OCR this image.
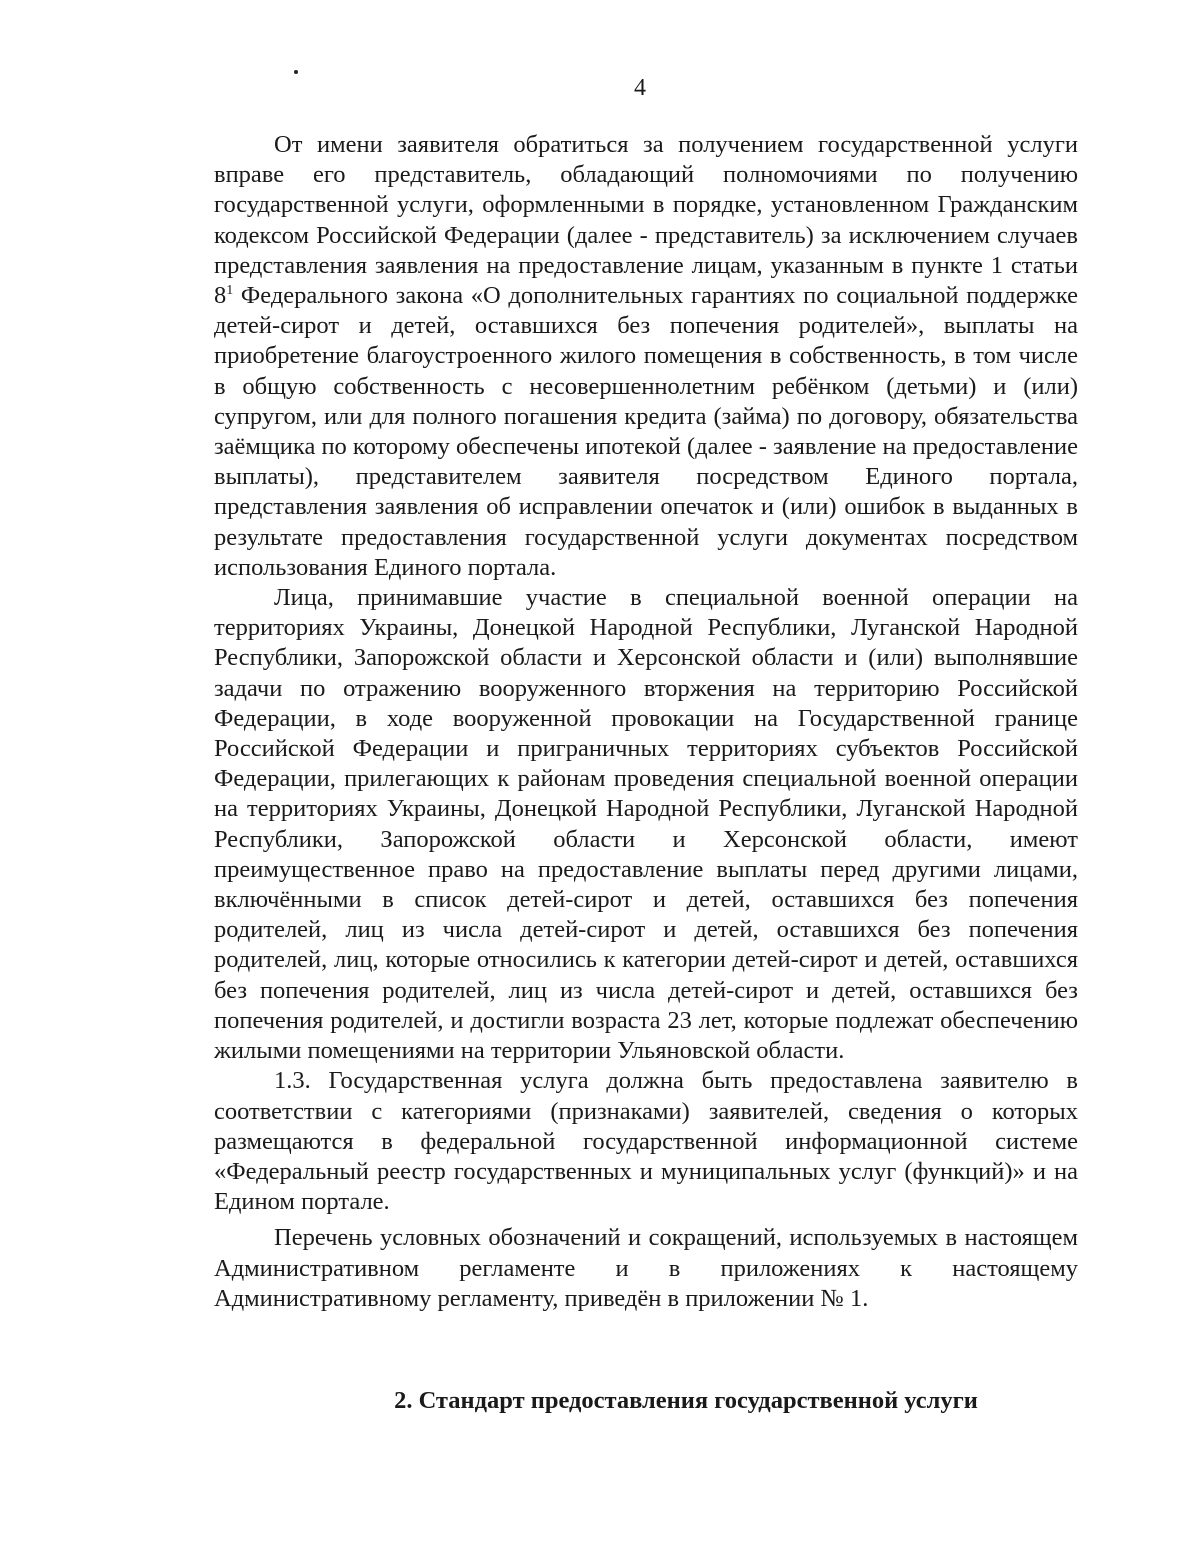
4

От имени заявителя обратиться за получением государственной услуги вправе его представитель, обладающий полномочиями по получению государственной услуги, оформленными в порядке, установленном Гражданским кодексом Российской Федерации (далее - представитель) за исключением случаев представления заявления на предоставление лицам, указанным в пункте 1 статьи $8^1$ Федерального закона «О дополнительных гарантиях по социальной поддержке детей-сирот и детей, оставшихся без попечения родителей», выплаты на приобретение благоустроенного жилого помещения в собственность, в том числе в общую собственность с несовершеннолетним ребёнком (детьми) и (или) супругом, или для полного погашения кредита (займа) по договору, обязательства заёмщика по которому обеспечены ипотекой (далее - заявление на предоставление выплаты), представителем заявителя посредством Единого портала, представления заявления об исправлении опечаток и (или) ошибок в выданных в результате предоставления государственной услуги документах посредством использования Единого портала.

Лица, принимавшие участие в специальной военной операции на территориях Украины, Донецкой Народной Республики, Луганской Народной Республики, Запорожской области и Херсонской области и (или) выполнявшие задачи по отражению вооруженного вторжения на территорию Российской Федерации, в ходе вооруженной провокации на Государственной границе Российской Федерации и приграничных территориях субъектов Российской Федерации, прилегающих к районам проведения специальной военной операции на территориях Украины, Донецкой Народной Республики, Луганской Народной Республики, Запорожской области и Херсонской области, имеют преимущественное право на предоставление выплаты перед другими лицами, включёнными в список детей-сирот и детей, оставшихся без попечения родителей, лиц из числа детей-сирот и детей, оставшихся без попечения родителей, лиц, которые относились к категории детей-сирот и детей, оставшихся без попечения родителей, лиц из числа детей-сирот и детей, оставшихся без попечения родителей, и достигли возраста 23 лет, которые подлежат обеспечению жилыми помещениями на территории Ульяновской области.

1.3. Государственная услуга должна быть предоставлена заявителю в соответствии с категориями (признаками) заявителей, сведения о которых размещаются в федеральной государственной информационной системе «Федеральный реестр государственных и муниципальных услуг (функций)» и на Едином портале.

Перечень условных обозначений и сокращений, используемых в настоящем Административном регламенте и в приложениях к настоящему Административному регламенту, приведён в приложении № 1.

2. Стандарт предоставления государственной услуги
